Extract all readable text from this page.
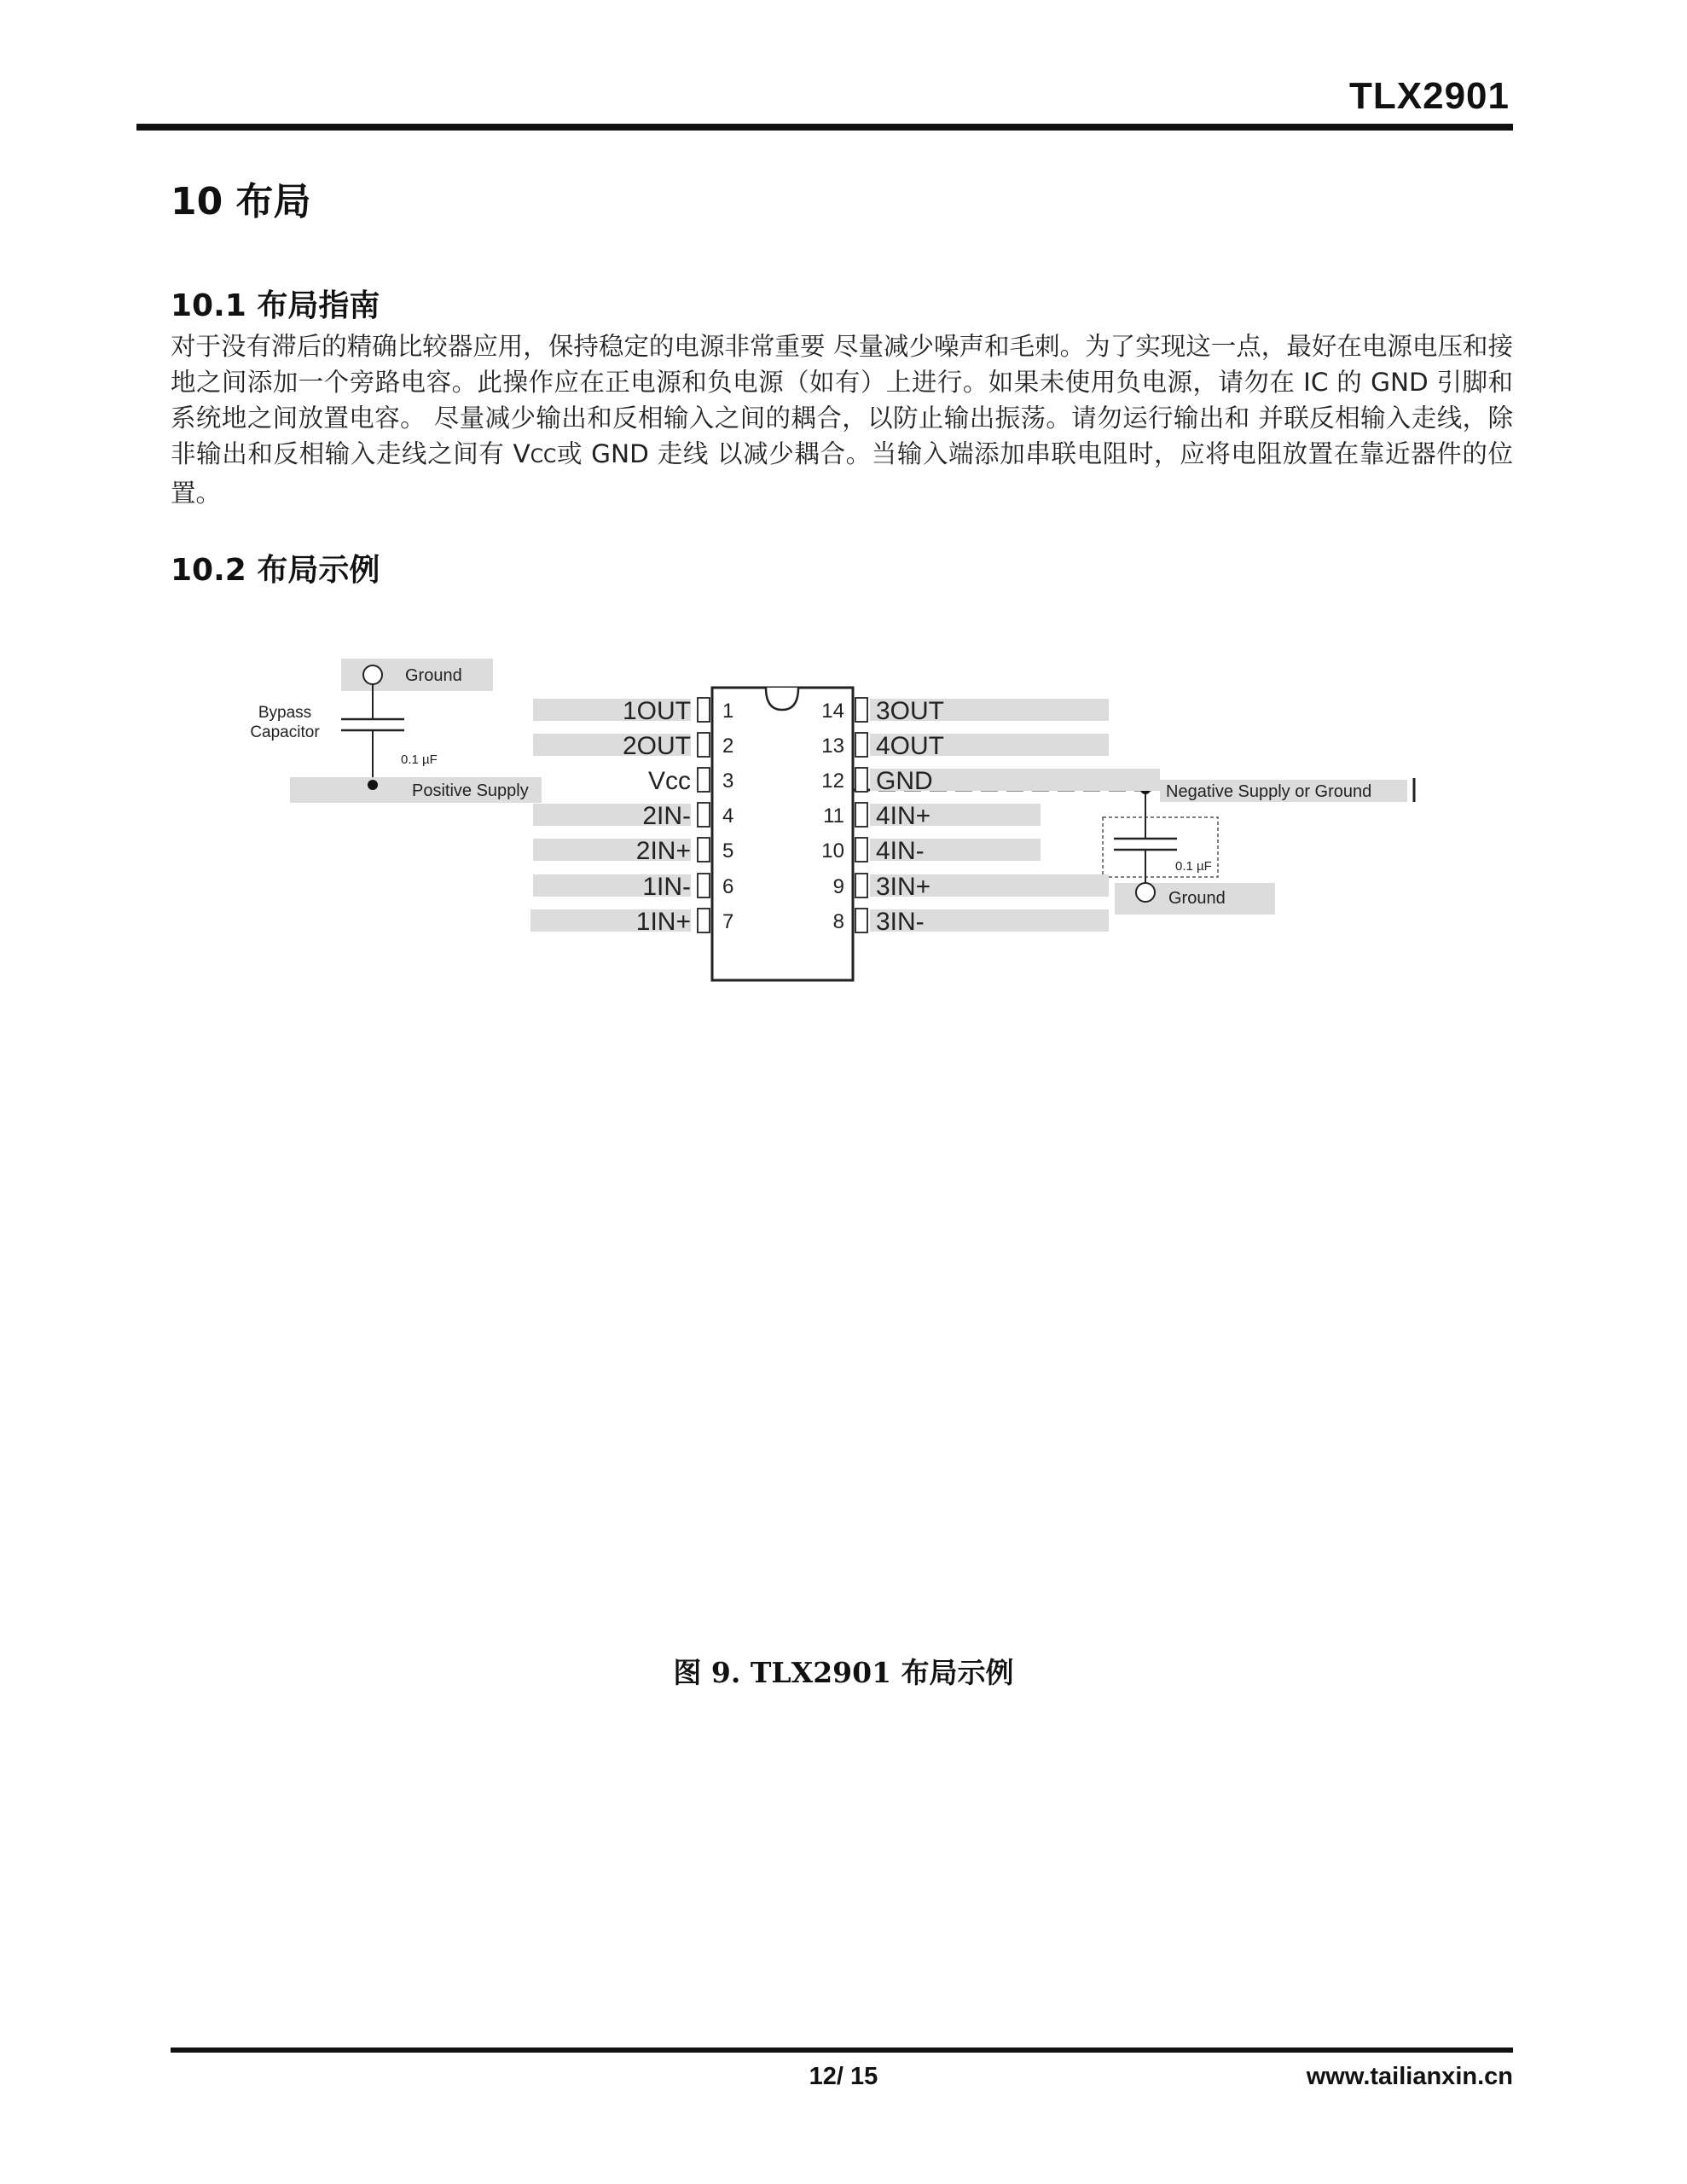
TLX2901
10 布局
10.1 布局指南
对于没有滞后的精确比较器应用，保持稳定的电源非常重要 尽量减少噪声和毛刺。为了实现这一点，最好在电源电压和接地之间添加一个旁路电容。此操作应在正电源和负电源（如有）上进行。如果未使用负电源，请勿在 IC 的 GND 引脚和系统地之间放置电容。 尽量减少输出和反相输入之间的耦合，以防止输出振荡。请勿运行输出和 并联反相输入走线，除非输出和反相输入走线之间有 VCC或 GND 走线 以减少耦合。当输入端添加串联电阻时，应将电阻放置在靠近器件的位置。
10.2 布局示例
Ground
Bypass
Capacitor
0.1 µF
Positive Supply	Negative Supply or Ground
0.1 µF
Ground
1OUT 1
2OUT 2
Vcc 3
2IN- 4
2IN+ 5
1IN- 6
1IN+ 7
3OUT
14
4OUT
13
GND
12
4IN+
11
4IN-
10
3IN+
9
3IN-
8
图 9. TLX2901 布局示例
12/ 15	www.tailianxin.cn
